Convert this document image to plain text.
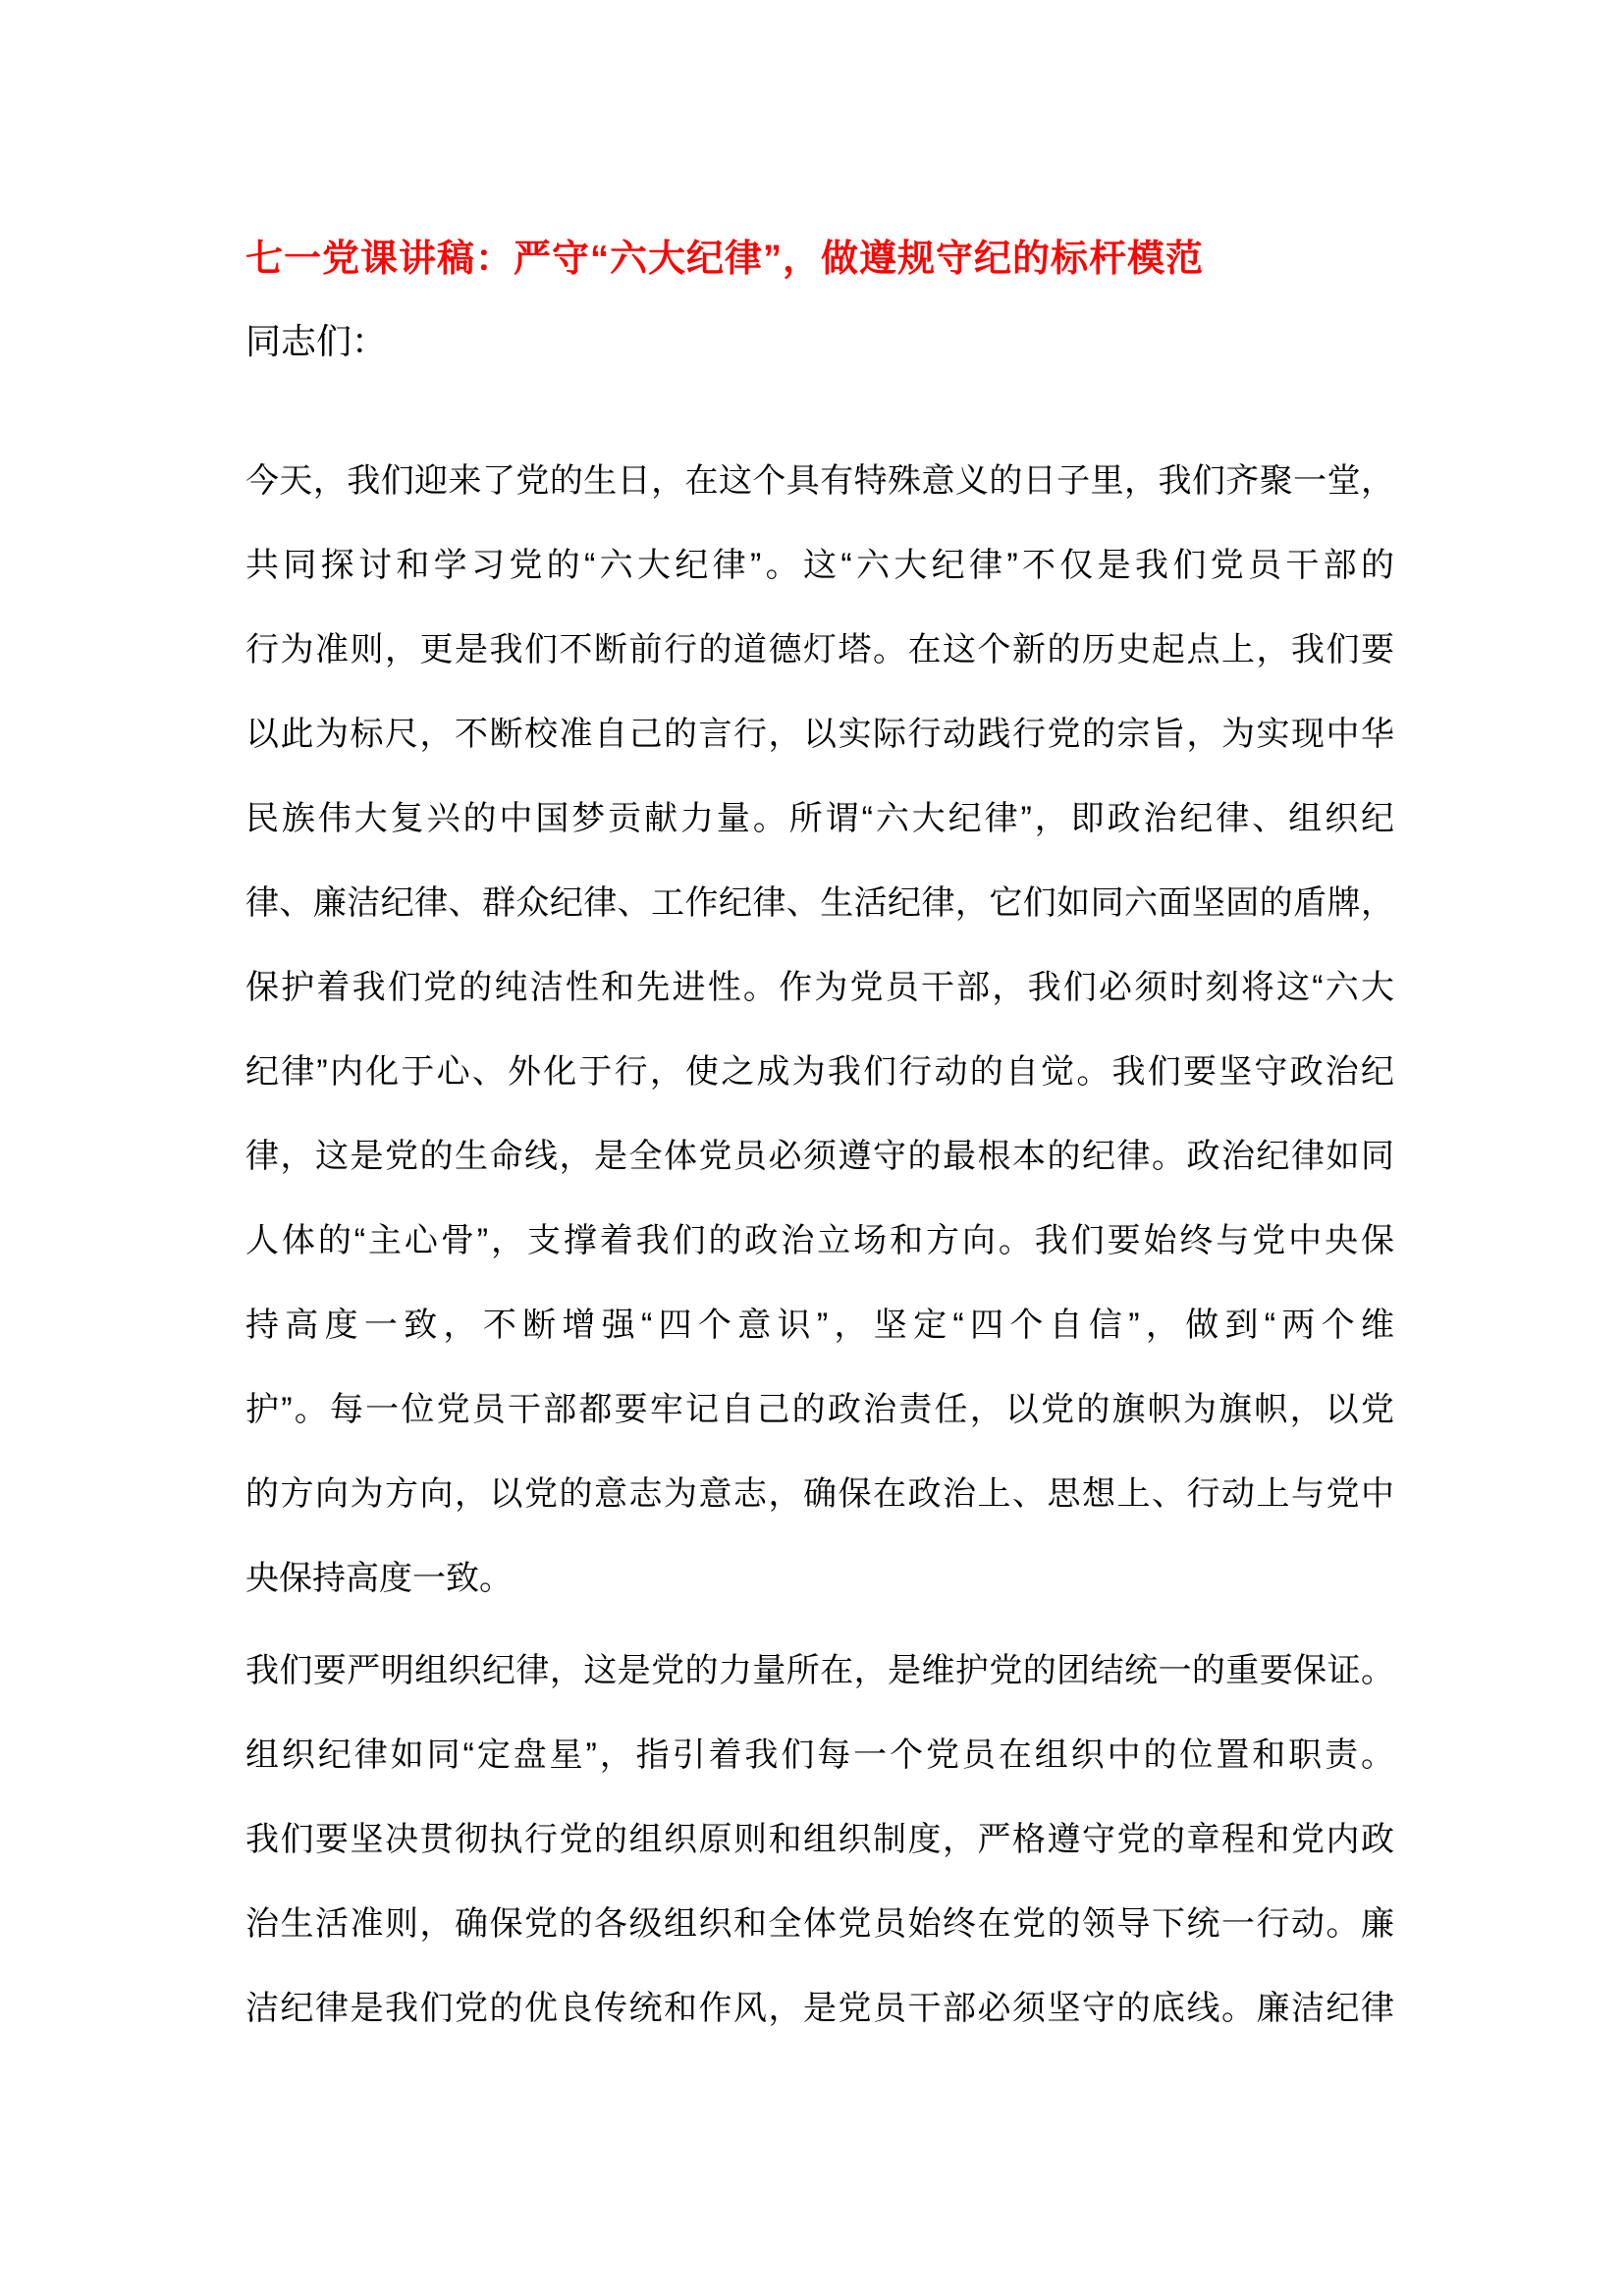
七一党课讲稿：严守“六大纪律”，做遵规守纪的标杆模范
同志们：
今天，我们迎来了党的生日，在这个具有特殊意义的日子里，我们齐聚一堂，
共同探讨和学习党的“六大纪律”。这“六大纪律”不仅是我们党员干部的
行为准则，更是我们不断前行的道德灯塔。在这个新的历史起点上，我们要
以此为标尺，不断校准自己的言行，以实际行动践行党的宗旨，为实现中华
民族伟大复兴的中国梦贡献力量。所谓“六大纪律”，即政治纪律、组织纪
律、廉洁纪律、群众纪律、工作纪律、生活纪律，它们如同六面坚固的盾牌，
保护着我们党的纯洁性和先进性。作为党员干部，我们必须时刻将这“六大
纪律”内化于心、外化于行，使之成为我们行动的自觉。我们要坚守政治纪
律，这是党的生命线，是全体党员必须遵守的最根本的纪律。政治纪律如同
人体的“主心骨”，支撑着我们的政治立场和方向。我们要始终与党中央保
持高度一致，不断增强“四个意识”，坚定“四个自信”，做到“两个维
护”。每一位党员干部都要牢记自己的政治责任，以党的旗帜为旗帜，以党
的方向为方向，以党的意志为意志，确保在政治上、思想上、行动上与党中
央保持高度一致。
我们要严明组织纪律，这是党的力量所在，是维护党的团结统一的重要保证。
组织纪律如同“定盘星”，指引着我们每一个党员在组织中的位置和职责。
我们要坚决贯彻执行党的组织原则和组织制度，严格遵守党的章程和党内政
治生活准则，确保党的各级组织和全体党员始终在党的领导下统一行动。廉
洁纪律是我们党的优良传统和作风，是党员干部必须坚守的底线。廉洁纪律
